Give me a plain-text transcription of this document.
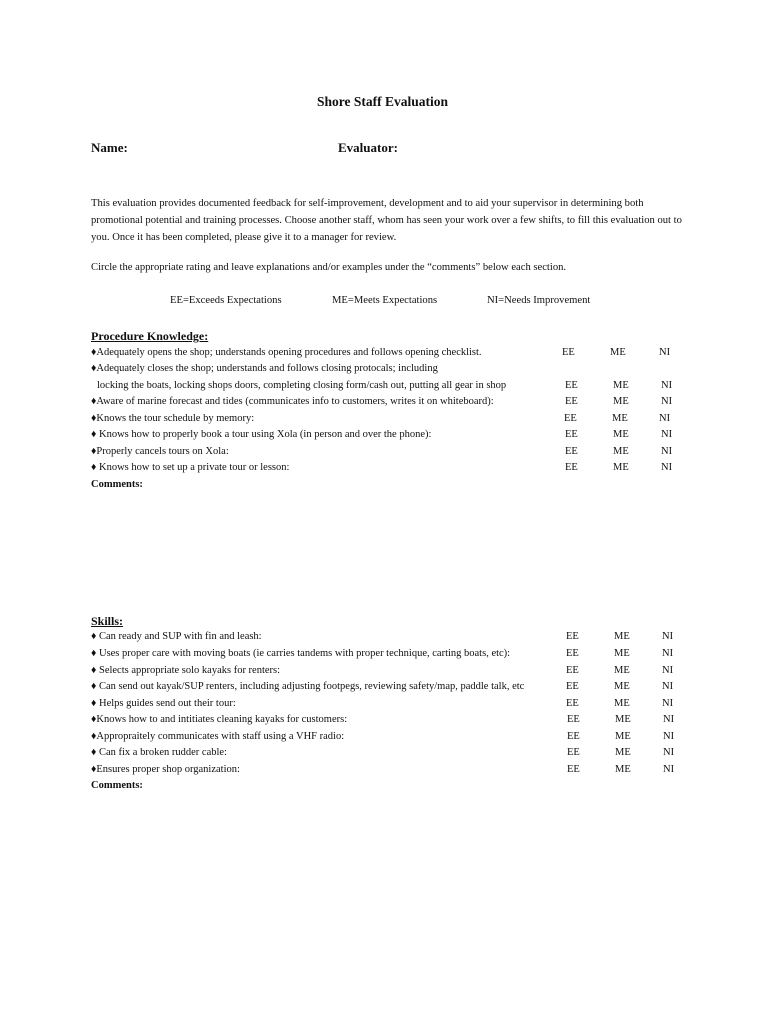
Shore Staff Evaluation
Name:	Evaluator:
This evaluation provides documented feedback for self-improvement, development and to aid your supervisor in determining both promotional potential and training processes. Choose another staff, whom has seen your work over a few shifts, to fill this evaluation out to you. Once it has been completed, please give it to a manager for review.
Circle the appropriate rating and leave explanations and/or examples under the “comments” below each section.
EE=Exceeds Expectations	ME=Meets Expectations	NI=Needs Improvement
Procedure Knowledge:
♦Adequately opens the shop; understands opening procedures and follows opening checklist.	EE	ME	NI
♦Adequately closes the shop; understands and follows closing protocals; including
locking the boats, locking shops doors, completing closing form/cash out, putting all gear in shop	EE	ME	NI
♦Aware of marine forecast and tides (communicates info to customers, writes it on whiteboard):	EE	ME	NI
♦Knows the tour schedule by memory:	EE	ME	NI
♦ Knows how to properly book a tour using Xola (in person and over the phone):	EE	ME	NI
♦Properly cancels tours on Xola:	EE	ME	NI
♦ Knows how to set up a private tour or lesson:	EE	ME	NI
Comments:
Skills:
♦ Can ready and SUP with fin and leash:	EE	ME	NI
♦ Uses proper care with moving boats (ie carries tandems with proper technique, carting boats, etc):	EE	ME	NI
♦ Selects appropriate solo kayaks for renters:	EE	ME	NI
♦ Can send out kayak/SUP renters, including adjusting footpegs, reviewing safety/map, paddle talk, etc	EE	ME	NI
♦ Helps guides send out their tour:	EE	ME	NI
♦Knows how to and intitiates cleaning kayaks for customers:	EE	ME	NI
♦Appropraitely communicates with staff using a VHF radio:	EE	ME	NI
♦ Can fix a broken rudder cable:	EE	ME	NI
♦Ensures proper shop organization:	EE	ME	NI
Comments:
